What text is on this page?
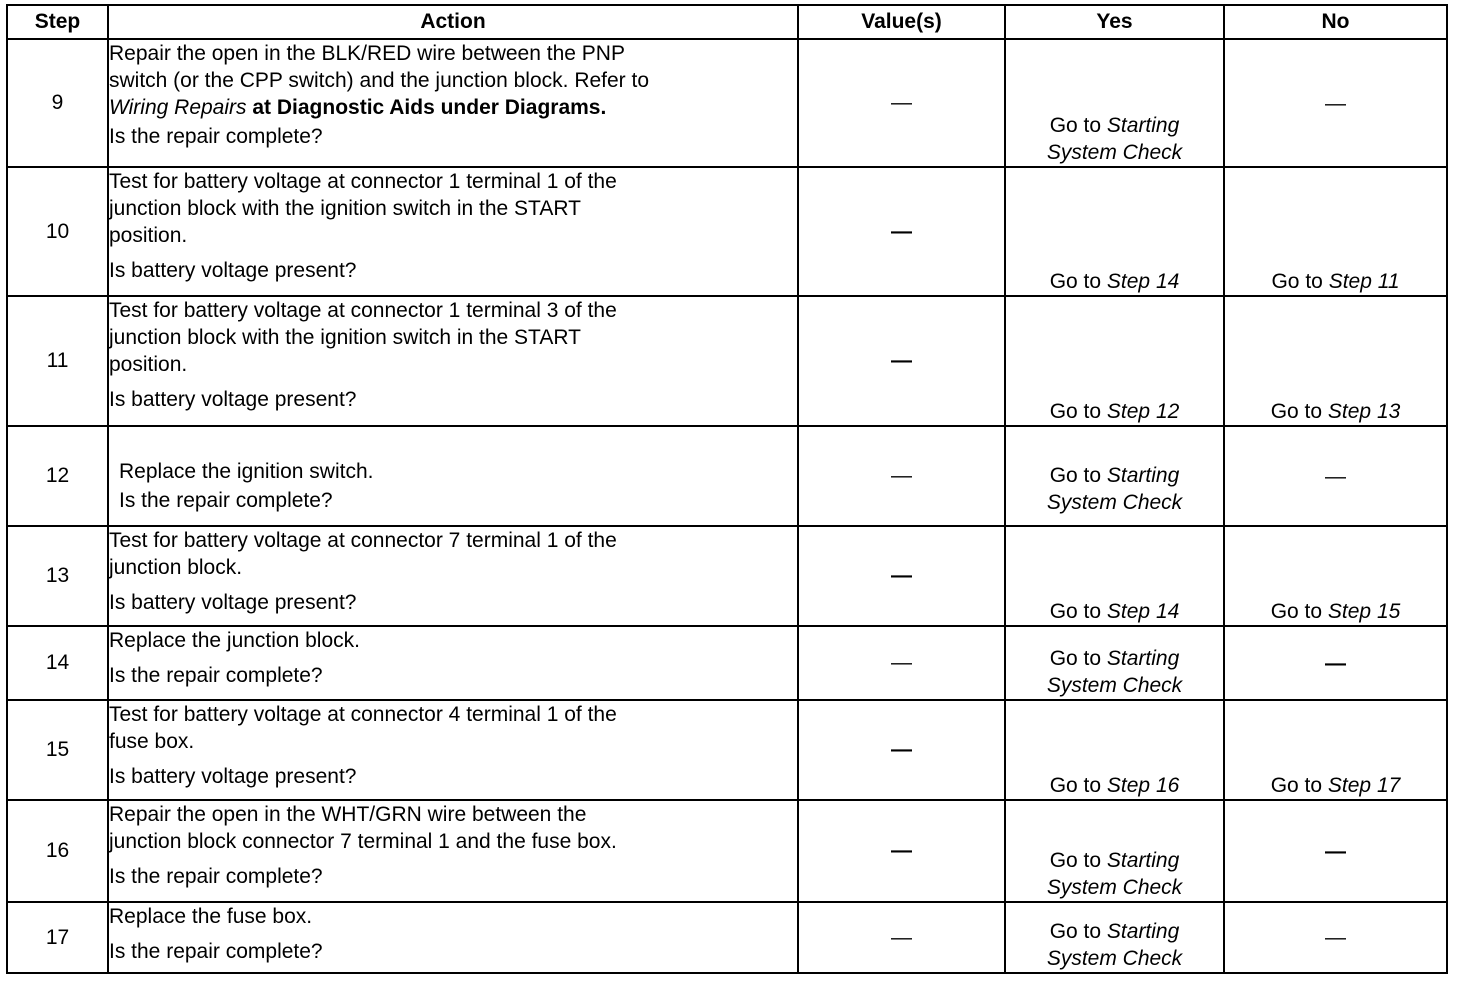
Step	Action	Value(s)	Yes	No
9	Repair the open in the BLK/RED wire between the PNP
switch (or the CPP switch) and the junction block. Refer to
Wiring Repairs at Diagnostic Aids under Diagrams.
Is the repair complete?	—	Go to Starting
System Check	—
10	Test for battery voltage at connector 1 terminal 1 of the
junction block with the ignition switch in the START
position.
Is battery voltage present?	—	Go to Step 14	Go to Step 11
11	Test for battery voltage at connector 1 terminal 3 of the
junction block with the ignition switch in the START
position.
Is battery voltage present?	—	Go to Step 12	Go to Step 13
12	Replace the ignition switch.
Is the repair complete?	—	Go to Starting
System Check	—
13	Test for battery voltage at connector 7 terminal 1 of the
junction block.
Is battery voltage present?	—	Go to Step 14	Go to Step 15
14	Replace the junction block.
Is the repair complete?	—	Go to Starting
System Check	—
15	Test for battery voltage at connector 4 terminal 1 of the
fuse box.
Is battery voltage present?	—	Go to Step 16	Go to Step 17
16	Repair the open in the WHT/GRN wire between the
junction block connector 7 terminal 1 and the fuse box.
Is the repair complete?	—	Go to Starting
System Check	—
17	Replace the fuse box.
Is the repair complete?	—	Go to Starting
System Check	—
